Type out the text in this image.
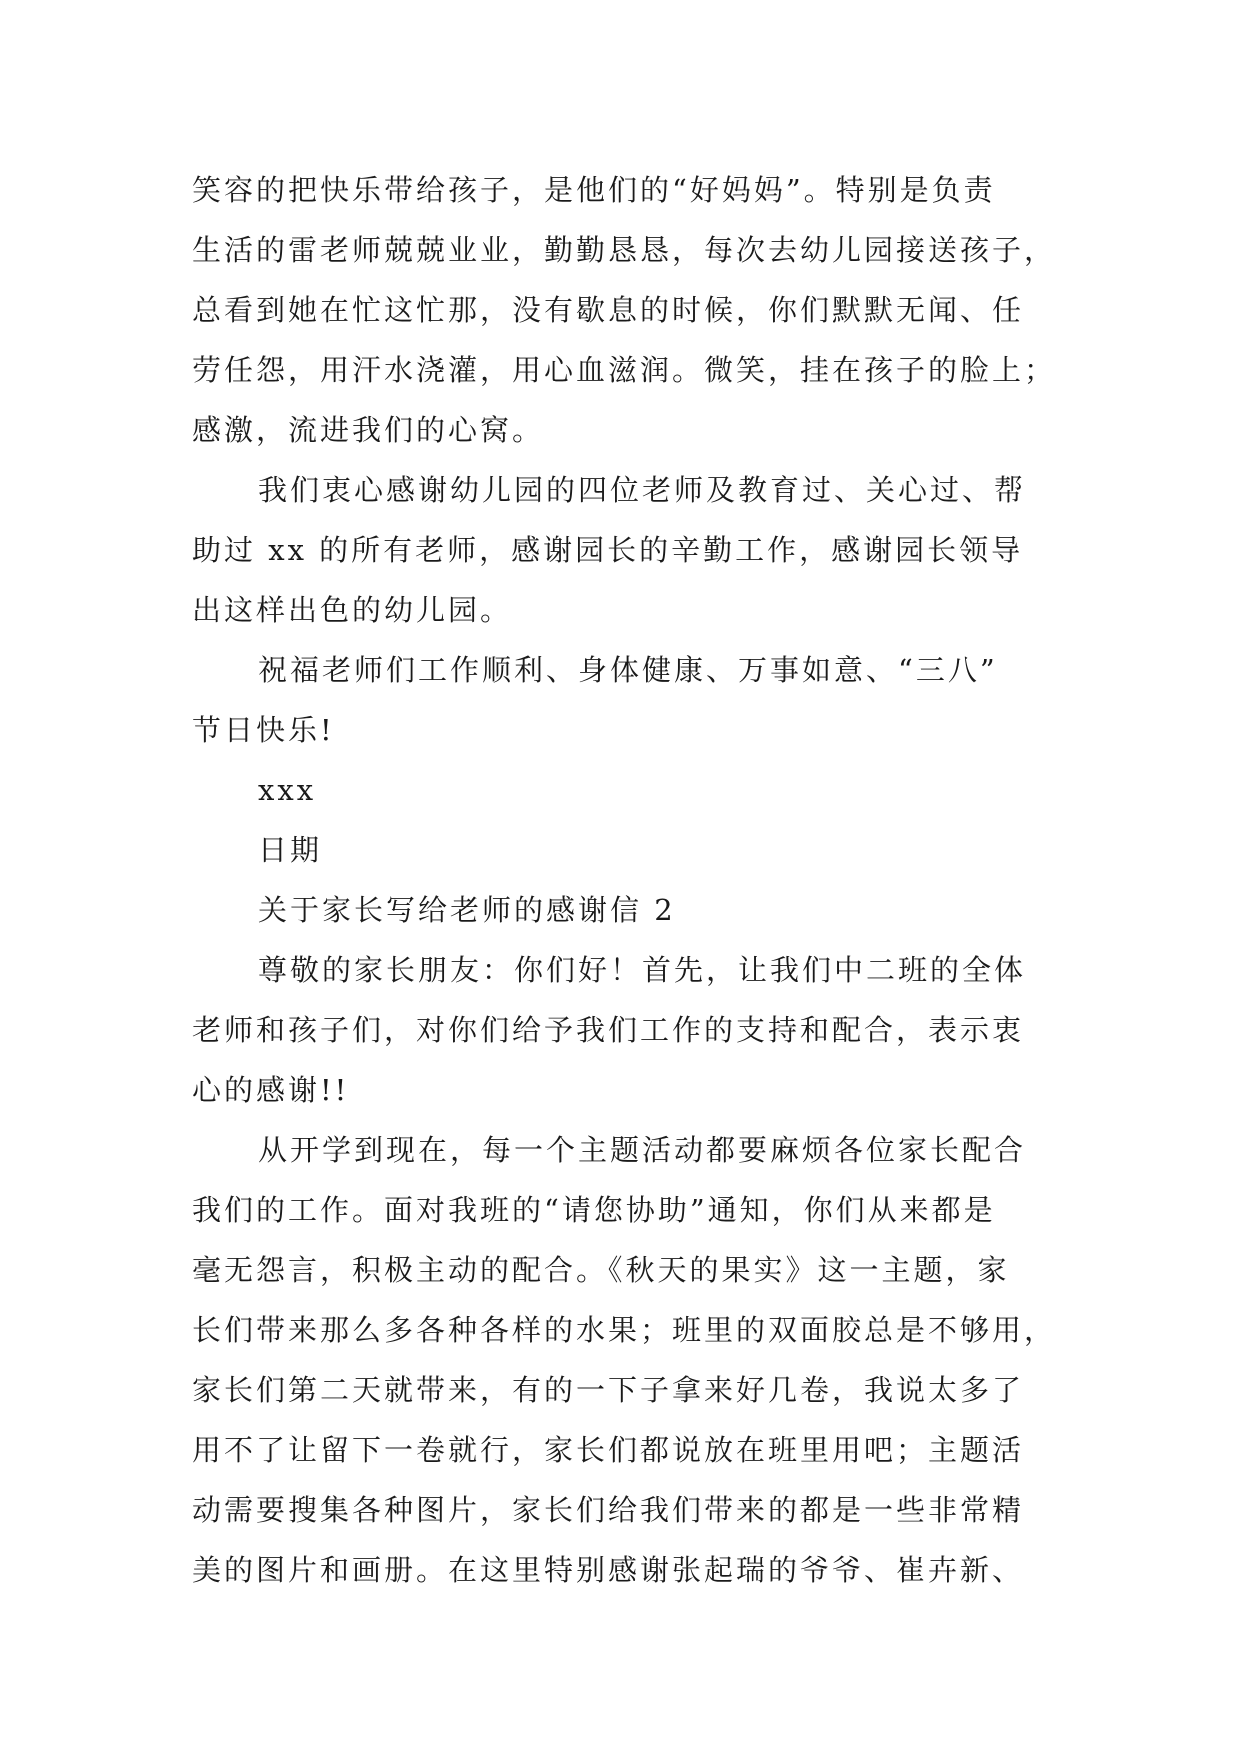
笑容的把快乐带给孩子，是他们的“好妈妈”。特别是负责
生活的雷老师兢兢业业，勤勤恳恳，每次去幼儿园接送孩子，
总看到她在忙这忙那，没有歇息的时候，你们默默无闻、任
劳任怨，用汗水浇灌，用心血滋润。微笑，挂在孩子的脸上；
感激，流进我们的心窝。
我们衷心感谢幼儿园的四位老师及教育过、关心过、帮
助过 xx 的所有老师，感谢园长的辛勤工作，感谢园长领导
出这样出色的幼儿园。
祝福老师们工作顺利、身体健康、万事如意、“三八”
节日快乐!
xxx
日期
关于家长写给老师的感谢信 2
尊敬的家长朋友：你们好！首先，让我们中二班的全体
老师和孩子们，对你们给予我们工作的支持和配合，表示衷
心的感谢!!
从开学到现在，每一个主题活动都要麻烦各位家长配合
我们的工作。面对我班的“请您协助”通知，你们从来都是
毫无怨言，积极主动的配合。《秋天的果实》这一主题，家
长们带来那么多各种各样的水果；班里的双面胶总是不够用，
家长们第二天就带来，有的一下子拿来好几卷，我说太多了
用不了让留下一卷就行，家长们都说放在班里用吧；主题活
动需要搜集各种图片，家长们给我们带来的都是一些非常精
美的图片和画册。在这里特别感谢张起瑞的爷爷、崔卉新、
